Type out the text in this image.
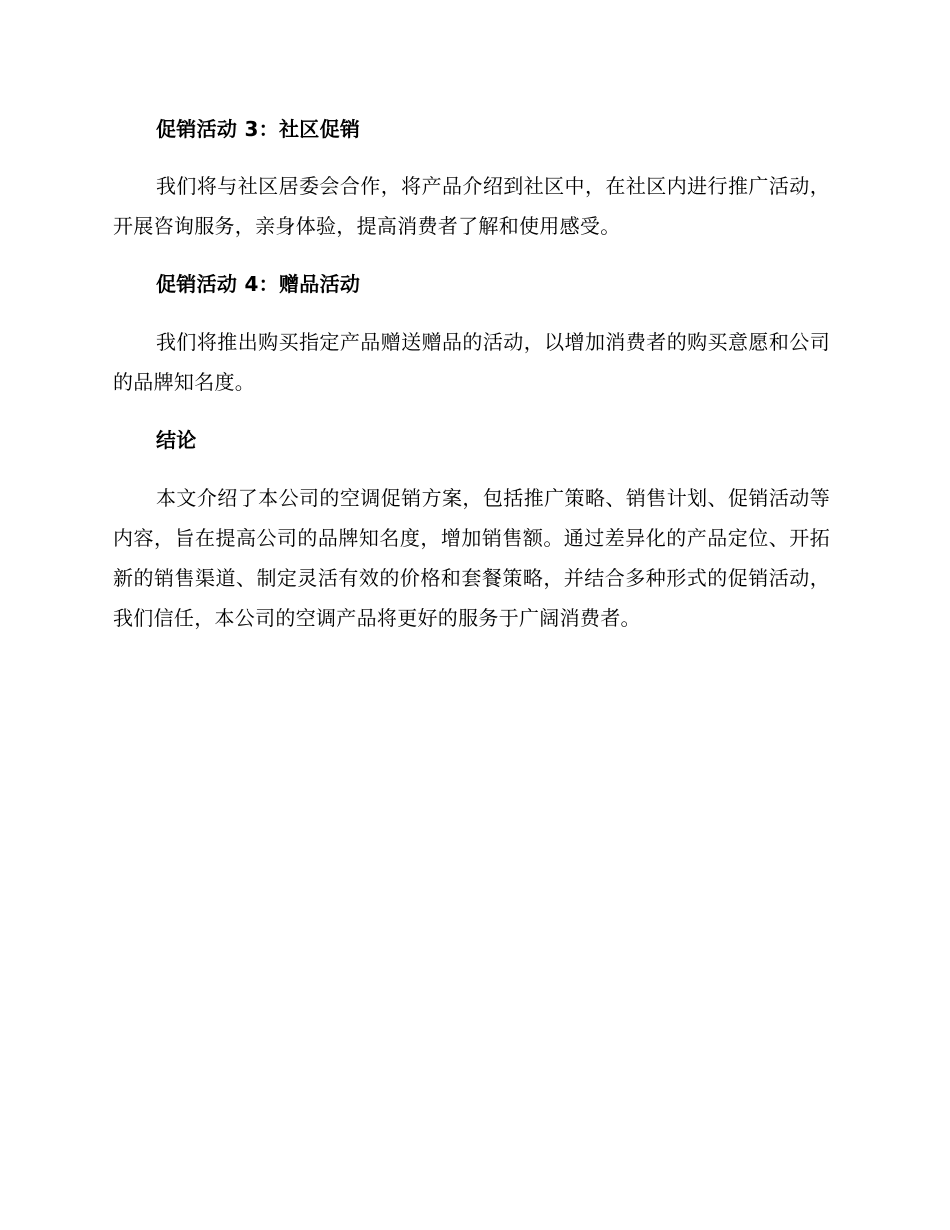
促销活动 3：社区促销

我们将与社区居委会合作，将产品介绍到社区中，在社区内进行推广活动，开展咨询服务，亲身体验，提高消费者了解和使用感受。

促销活动 4：赠品活动

我们将推出购买指定产品赠送赠品的活动，以增加消费者的购买意愿和公司的品牌知名度。

结论

本文介绍了本公司的空调促销方案，包括推广策略、销售计划、促销活动等内容，旨在提高公司的品牌知名度，增加销售额。通过差异化的产品定位、开拓新的销售渠道、制定灵活有效的价格和套餐策略，并结合多种形式的促销活动，我们信任，本公司的空调产品将更好的服务于广阔消费者。
